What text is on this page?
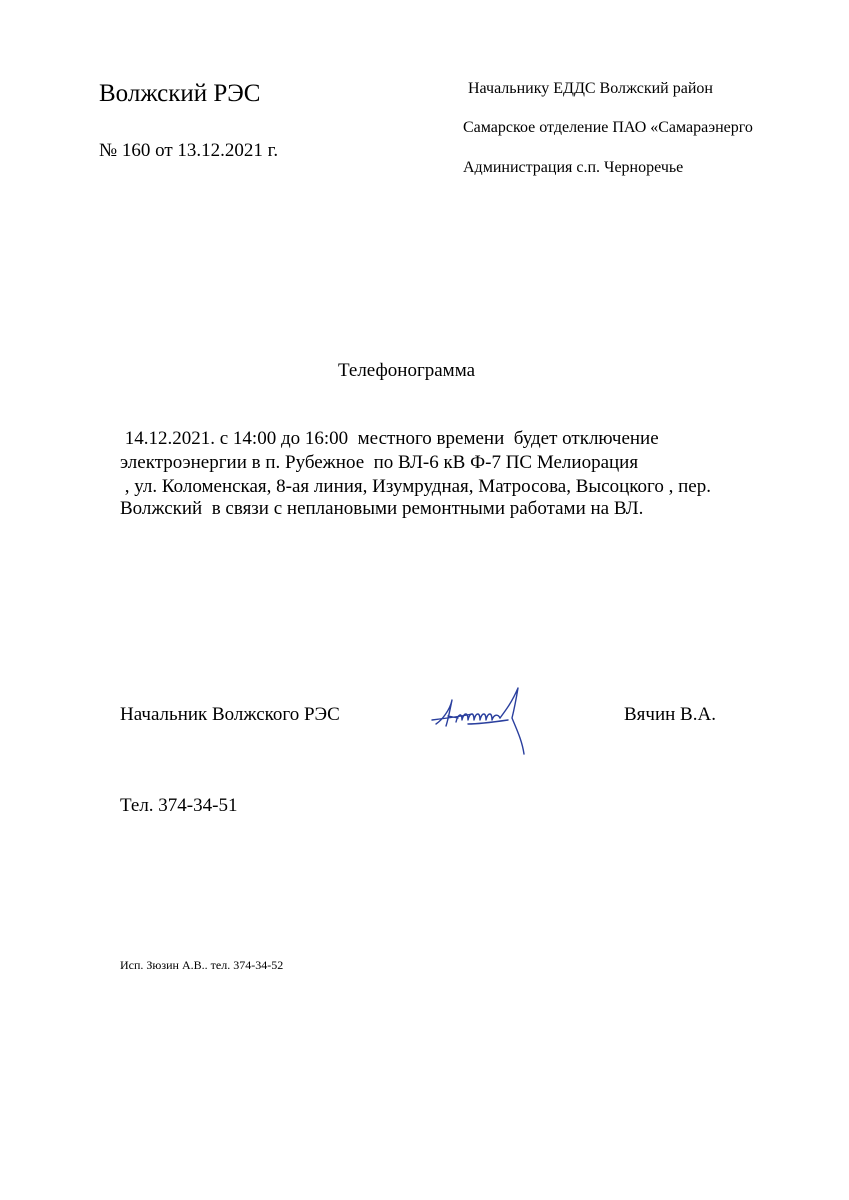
Волжский РЭС
№ 160 от 13.12.2021 г.
Начальнику ЕДДС Волжский район
Самарское отделение ПАО «Самараэнерго
Администрация с.п. Черноречье
Телефонограмма
14.12.2021. с 14:00 до 16:00  местного времени  будет отключение
электроэнергии в п. Рубежное  по ВЛ-6 кВ Ф-7 ПС Мелиорация
, ул. Коломенская, 8-ая линия, Изумрудная, Матросова, Высоцкого , пер.
Волжский  в связи с неплановыми ремонтными работами на ВЛ.
Начальник Волжского РЭС	Вячин В.А.
Тел. 374-34-51
Исп. Зюзин А.В.. тел. 374-34-52
